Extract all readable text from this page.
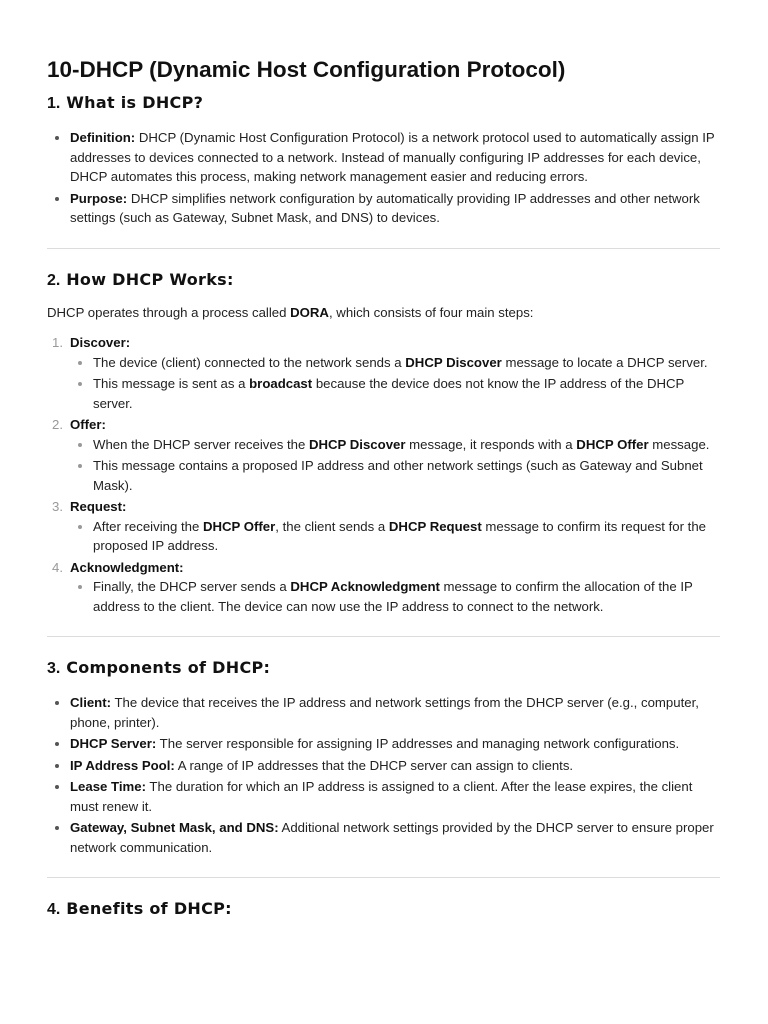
10-DHCP (Dynamic Host Configuration Protocol)
1. What is DHCP?
Definition: DHCP (Dynamic Host Configuration Protocol) is a network protocol used to automatically assign IP addresses to devices connected to a network. Instead of manually configuring IP addresses for each device, DHCP automates this process, making network management easier and reducing errors.
Purpose: DHCP simplifies network configuration by automatically providing IP addresses and other network settings (such as Gateway, Subnet Mask, and DNS) to devices.
2. How DHCP Works:

DHCP operates through a process called DORA, which consists of four main steps:

1. Discover:
The device (client) connected to the network sends a DHCP Discover message to locate a DHCP server.
This message is sent as a broadcast because the device does not know the IP address of the DHCP server.
2. Offer:
When the DHCP server receives the DHCP Discover message, it responds with a DHCP Offer message.
This message contains a proposed IP address and other network settings (such as Gateway and Subnet Mask).
3. Request:
After receiving the DHCP Offer, the client sends a DHCP Request message to confirm its request for the proposed IP address.
4. Acknowledgment:
Finally, the DHCP server sends a DHCP Acknowledgment message to confirm the allocation of the IP address to the client. The device can now use the IP address to connect to the network.
3. Components of DHCP:
Client: The device that receives the IP address and network settings from the DHCP server (e.g., computer, phone, printer).
DHCP Server: The server responsible for assigning IP addresses and managing network configurations.
IP Address Pool: A range of IP addresses that the DHCP server can assign to clients.
Lease Time: The duration for which an IP address is assigned to a client. After the lease expires, the client must renew it.
Gateway, Subnet Mask, and DNS: Additional network settings provided by the DHCP server to ensure proper network communication.
4. Benefits of DHCP:
